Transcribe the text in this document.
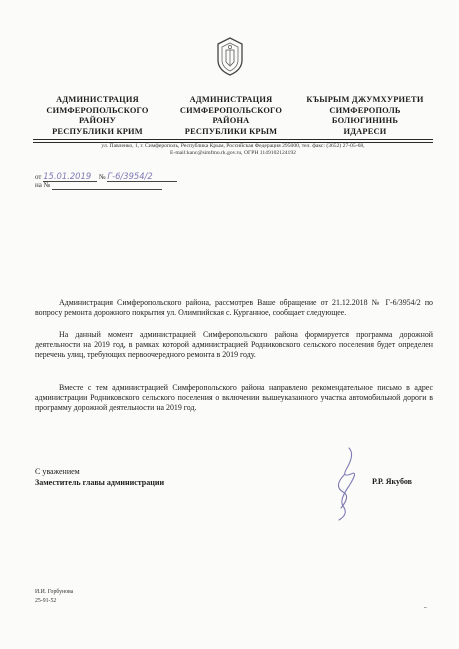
АДМИНИСТРАЦИЯ
СИМФЕРОПОЛЬСКОГО
РАЙОНУ
РЕСПУБЛИКИ КРИМ
АДМИНИСТРАЦИЯ
СИМФЕРОПОЛЬСКОГО
РАЙОНА
РЕСПУБЛИКИ КРЫМ
КЪЫРЫМ ДЖУМХУРИЕТИ
СИМФЕРОПОЛЬ
БОЛЮГИНИНЬ
ИДАРЕСИ
ул. Павленко, 1, г. Симферополь, Республика Крым, Российская Федерация 295000, тел. факс: (3652) 27-05-68,
E-mail:kanc@simfmo.rk.gov.ru, ОГРН 1149102124192
от 15.01.2019 № Г-6/3954/2
на №

Администрация Симферопольского района, рассмотрев Ваше обращение от 21.12.2018 № Г-6/3954/2 по вопросу ремонта дорожного покрытия ул. Олимпийская с. Курганное, сообщает следующее.

На данный момент администрацией Симферопольского района формируется программа дорожной деятельности на 2019 год, в рамках которой администрацией Родниковского сельского поселения будет определен перечень улиц, требующих первоочередного ремонта в 2019 году.

Вместе с тем администрацией Симферопольского района направлено рекомендательное письмо в адрес администрации Родниковского сельского поселения о включении вышеуказанного участка автомобильной дороги в программу дорожной деятельности на 2019 год.

С уважением
Заместитель главы администрации	Р.Р. Якубов
И.И. Горбунова
25-91-52
••
